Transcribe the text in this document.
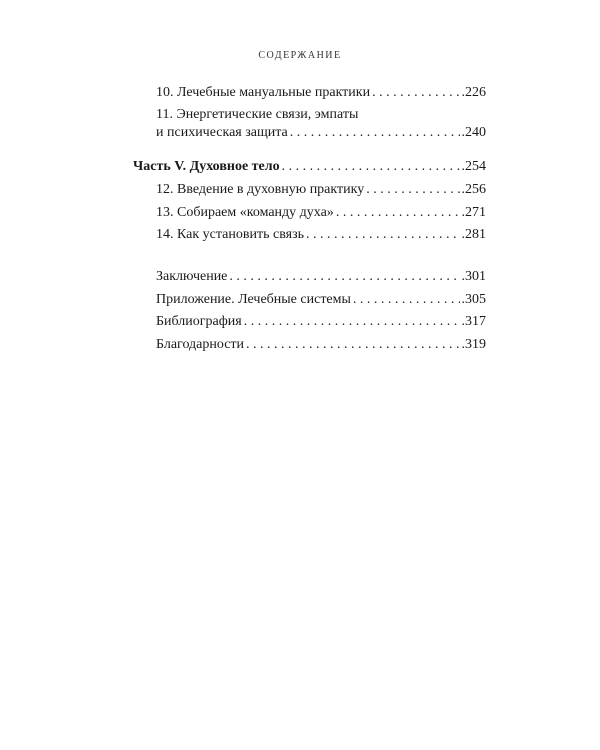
СОДЕРЖАНИЕ
10. Лечебные мануальные практики . . .	.226
11. Энергетические связи, эмпаты
и психическая защита . . .	.240
Часть V. Духовное тело . . .	.254
12. Введение в духовную практику . . .	.256
13. Собираем «команду духа» . . .	.271
14. Как установить связь . . .	.281
Заключение . . .	.301
Приложение. Лечебные системы . . .	.305
Библиография . . .	.317
Благодарности . . .	.319
